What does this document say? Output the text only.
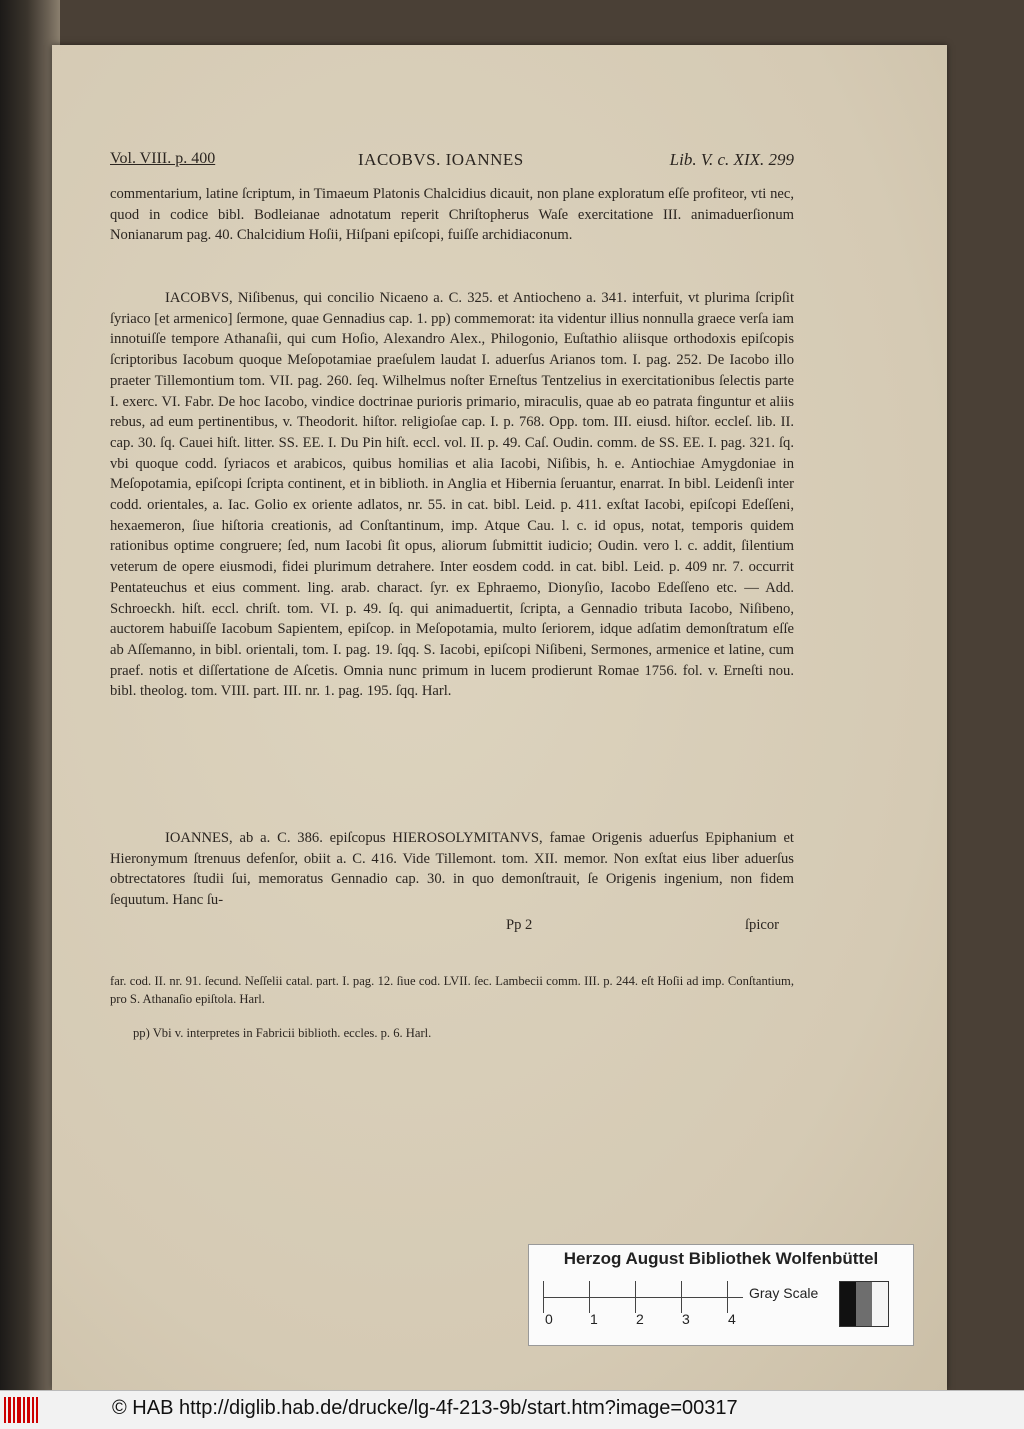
Vol. VIII. p. 400	IACOBVS. IOANNES	Lib. V. c. XIX. 299

commentarium, latine ſcriptum, in Timaeum Platonis Chalcidius dicauit, non plane exploratum eſſe profiteor, vti nec, quod in codice bibl. Bodleianae adnotatum reperit Chriſtopherus Waſe exercitatione III. animaduerſionum Nonianarum pag. 40. Chalcidium Hoſii, Hiſpani epiſcopi, fuiſſe archidiaconum.

IACOBVS, Niſibenus, qui concilio Nicaeno a. C. 325. et Antiocheno a. 341. interfuit, vt plurima ſcripſit ſyriaco [et armenico] ſermone, quae Gennadius cap. 1. pp) commemorat: ita videntur illius nonnulla graece verſa iam innotuiſſe tempore Athanaſii, qui cum Hoſio, Alexandro Alex., Philogonio, Euſtathio aliisque orthodoxis epiſcopis ſcriptoribus Iacobum quoque Meſopotamiae praeſulem laudat I. aduerſus Arianos tom. I. pag. 252. De Iacobo illo praeter Tillemontium tom. VII. pag. 260. ſeq. Wilhelmus noſter Erneſtus Tentzelius in exercitationibus ſelectis parte I. exerc. VI. Fabr. De hoc Iacobo, vindice doctrinae purioris primario, miraculis, quae ab eo patrata finguntur et aliis rebus, ad eum pertinentibus, v. Theodorit. hiſtor. religioſae cap. I. p. 768. Opp. tom. III. eiusd. hiſtor. eccleſ. lib. II. cap. 30. ſq. Cauei hiſt. litter. SS. EE. I. Du Pin hiſt. eccl. vol. II. p. 49. Caſ. Oudin. comm. de SS. EE. I. pag. 321. ſq. vbi quoque codd. ſyriacos et arabicos, quibus homilias et alia Iacobi, Niſibis, h. e. Antiochiae Amygdoniae in Meſopotamia, epiſcopi ſcripta continent, et in biblioth. in Anglia et Hibernia ſeruantur, enarrat. In bibl. Leidenſi inter codd. orientales, a. Iac. Golio ex oriente adlatos, nr. 55. in cat. bibl. Leid. p. 411. exſtat Iacobi, epiſcopi Edeſſeni, hexaemeron, ſiue hiſtoria creationis, ad Conſtantinum, imp. Atque Cau. l. c. id opus, notat, temporis quidem rationibus optime congruere; ſed, num Iacobi ſit opus, aliorum ſubmittit iudicio; Oudin. vero l. c. addit, ſilentium veterum de opere eiusmodi, fidei plurimum detrahere. Inter eosdem codd. in cat. bibl. Leid. p. 409 nr. 7. occurrit Pentateuchus et eius comment. ling. arab. charact. ſyr. ex Ephraemo, Dionyſio, Iacobo Edeſſeno etc. — Add. Schroeckh. hiſt. eccl. chriſt. tom. VI. p. 49. ſq. qui animaduertit, ſcripta, a Gennadio tributa Iacobo, Niſibeno, auctorem habuiſſe Iacobum Sapientem, epiſcop. in Meſopotamia, multo ſeriorem, idque adſatim demonſtratum eſſe ab Aſſemanno, in bibl. orientali, tom. I. pag. 19. ſqq. S. Iacobi, epiſcopi Niſibeni, Sermones, armenice et latine, cum praef. notis et diſſertatione de Aſcetis. Omnia nunc primum in lucem prodierunt Romae 1756. fol. v. Erneſti nou. bibl. theolog. tom. VIII. part. III. nr. 1. pag. 195. ſqq. Harl.

IOANNES, ab a. C. 386. epiſcopus HIEROSOLYMITANVS, famae Origenis aduerſus Epiphanium et Hieronymum ſtrenuus defenſor, obiit a. C. 416. Vide Tillemont. tom. XII. memor. Non exſtat eius liber aduerſus obtrectatores ſtudii ſui, memoratus Gennadio cap. 30. in quo demonſtrauit, ſe Origenis ingenium, non fidem ſequutum. Hanc ſu-

Pp 2	ſpicor
far. cod. II. nr. 91. ſecund. Neſſelii catal. part. I. pag. 12. ſiue cod. LVII. ſec. Lambecii comm. III. p. 244. eſt Hoſii ad imp. Conſtantium, pro S. Athanaſio epiſtola. Harl.
pp) Vbi v. interpretes in Fabricii biblioth. eccles. p. 6. Harl.
Herzog August Bibliothek Wolfenbüttel
0	1	2	3	4
Gray Scale
© HAB http://diglib.hab.de/drucke/lg-4f-213-9b/start.htm?image=00317
